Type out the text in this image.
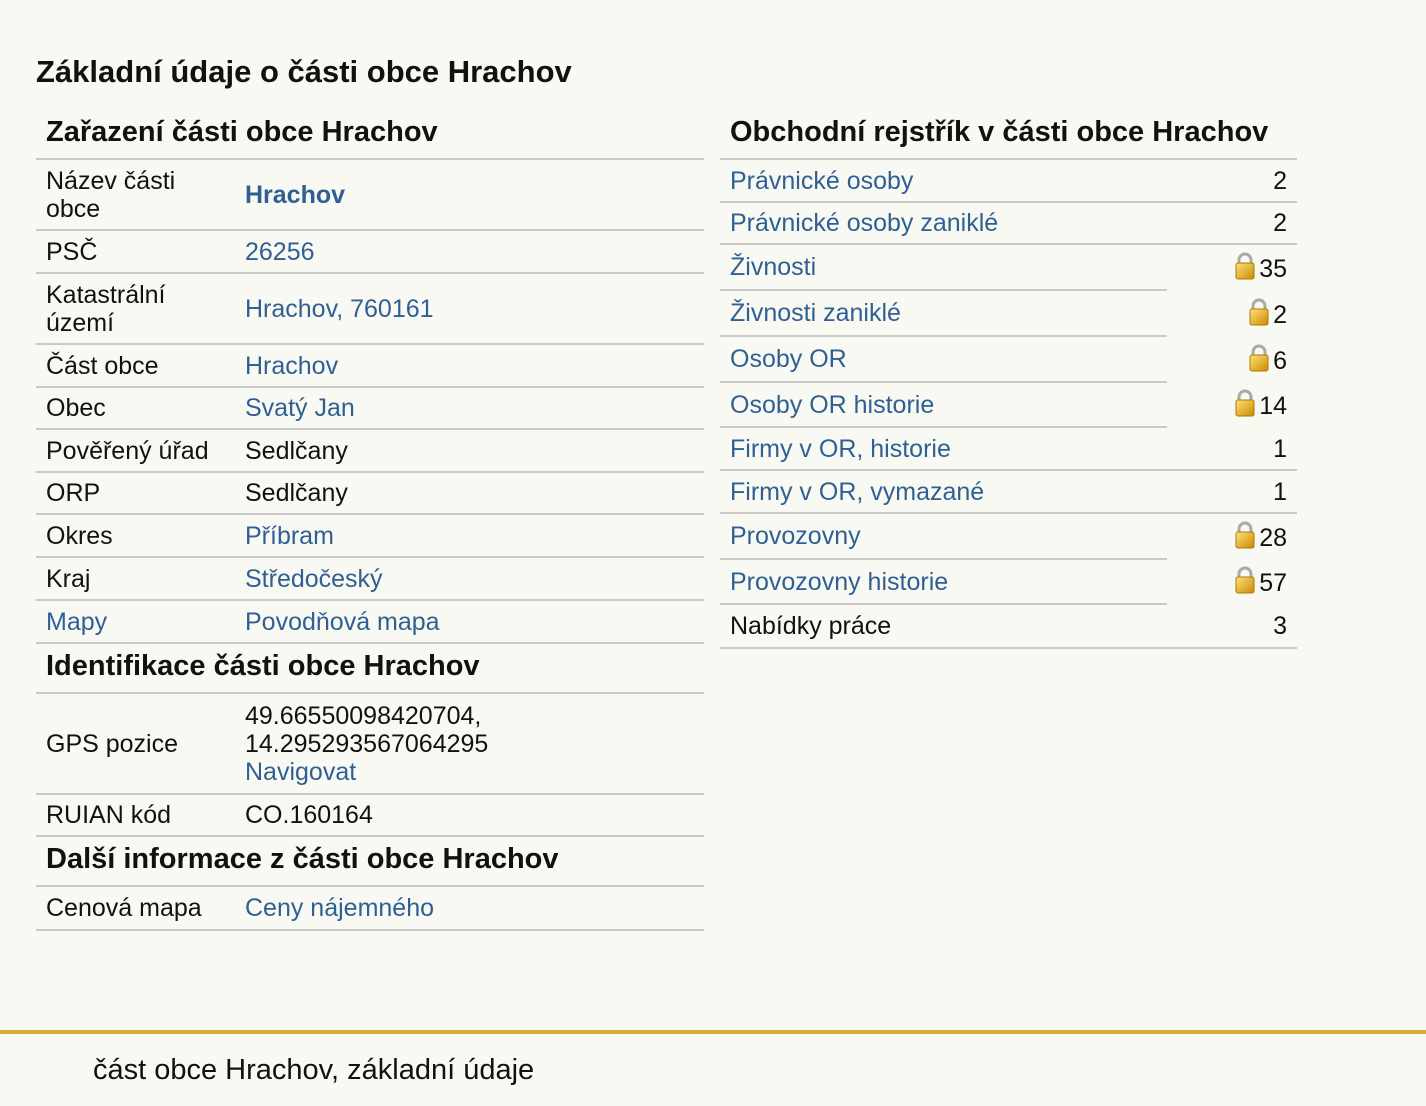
Základní údaje o části obce Hrachov
Zařazení části obce Hrachov
Název části obce	Hrachov
PSČ	26256
Katastrální území	Hrachov, 760161
Část obce	Hrachov
Obec	Svatý Jan
Pověřený úřad	Sedlčany
ORP	Sedlčany
Okres	Příbram
Kraj	Středočeský
Mapy	Povodňová mapa
Identifikace části obce Hrachov
GPS pozice	49.66550098420704,
14.295293567064295
Navigovat
RUIAN kód	CO.160164
Další informace z části obce Hrachov
Cenová mapa	Ceny nájemného
Obchodní rejstřík v části obce Hrachov
Právnické osoby	2
Právnické osoby zaniklé	2
Živnosti	35
Živnosti zaniklé	2
Osoby OR	6
Osoby OR historie	14
Firmy v OR, historie	1
Firmy v OR, vymazané	1
Provozovny	28
Provozovny historie	57
Nabídky práce	3
část obce Hrachov, základní údaje
